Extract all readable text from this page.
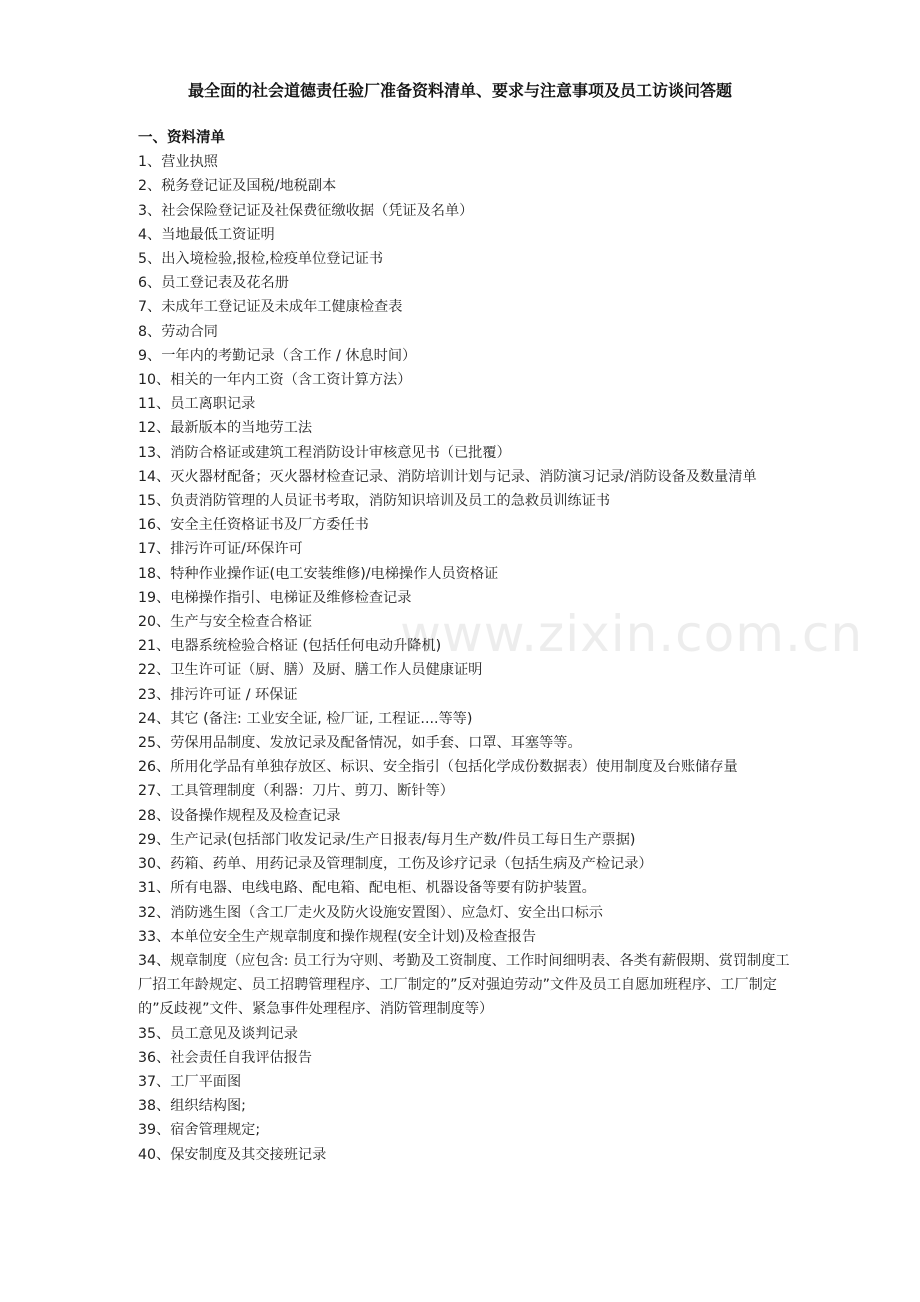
最全面的社会道德责任验厂准备资料清单、要求与注意事项及员工访谈问答题
一、资料清单
1、营业执照
2、税务登记证及国税/地税副本
3、社会保险登记证及社保费征缴收据（凭证及名单）
4、当地最低工资证明
5、出入境检验,报检,检疫单位登记证书
6、员工登记表及花名册
7、未成年工登记证及未成年工健康检查表
8、劳动合同
9、一年内的考勤记录（含工作 / 休息时间）
10、相关的一年内工资（含工资计算方法）
11、员工离职记录
12、最新版本的当地劳工法
13、消防合格证或建筑工程消防设计审核意见书（已批覆）
14、灭火器材配备；灭火器材检查记录、消防培训计划与记录、消防演习记录/消防设备及数量清单
15、负责消防管理的人员证书考取，消防知识培训及员工的急救员训练证书
16、安全主任资格证书及厂方委任书
17、排污许可证/环保许可
18、特种作业操作证(电工安装维修)/电梯操作人员资格证
19、电梯操作指引、电梯证及维修检查记录
20、生产与安全检查合格证
21、电器系统检验合格证 (包括任何电动升降机)
22、卫生许可证（厨、膳）及厨、膳工作人员健康证明
23、排污许可证 / 环保证
24、其它 (备注: 工业安全证, 检厂证, 工程证....等等)
25、劳保用品制度、发放记录及配备情况，如手套、口罩、耳塞等等。
26、所用化学品有单独存放区、标识、安全指引（包括化学成份数据表）使用制度及台账储存量
27、工具管理制度（利器：刀片、剪刀、断针等）
28、设备操作规程及及检查记录
29、生产记录(包括部门收发记录/生产日报表/每月生产数/件员工每日生产票据)
30、药箱、药单、用药记录及管理制度，工伤及诊疗记录（包括生病及产检记录）
31、所有电器、电线电路、配电箱、配电柜、机器设备等要有防护装置。
32、消防逃生图（含工厂走火及防火设施安置图）、应急灯、安全出口标示
33、本单位安全生产规章制度和操作规程(安全计划)及检查报告
34、规章制度（应包含: 员工行为守则、考勤及工资制度、工作时间细明表、各类有薪假期、赏罚制度工厂招工年龄规定、员工招聘管理程序、工厂制定的”反对强迫劳动”文件及员工自愿加班程序、工厂制定的”反歧视”文件、紧急事件处理程序、消防管理制度等）
35、员工意见及谈判记录
36、社会责任自我评估报告
37、工厂平面图
38、组织结构图;
39、宿舍管理规定;
40、保安制度及其交接班记录
www.zixin.com.cn
